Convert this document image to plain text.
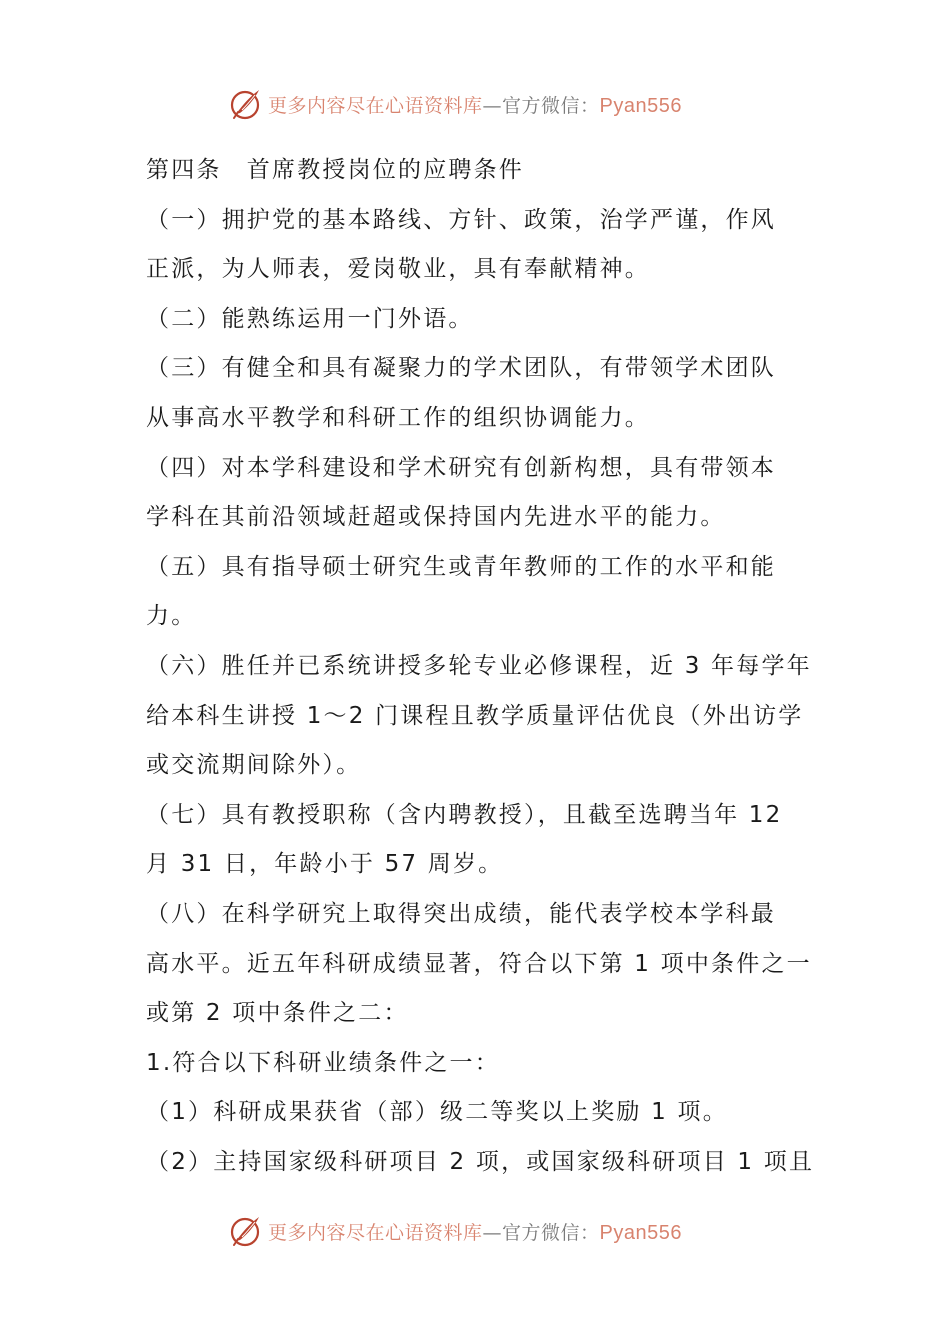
更多内容尽在心语资料库—官方微信：Pyan556
第四条　首席教授岗位的应聘条件
（一）拥护党的基本路线、方针、政策，治学严谨，作风
正派，为人师表，爱岗敬业，具有奉献精神。
（二）能熟练运用一门外语。
（三）有健全和具有凝聚力的学术团队，有带领学术团队
从事高水平教学和科研工作的组织协调能力。
（四）对本学科建设和学术研究有创新构想，具有带领本
学科在其前沿领域赶超或保持国内先进水平的能力。
（五）具有指导硕士研究生或青年教师的工作的水平和能
力。
（六）胜任并已系统讲授多轮专业必修课程，近 3 年每学年
给本科生讲授 1～2 门课程且教学质量评估优良（外出访学
或交流期间除外）。
（七）具有教授职称（含内聘教授），且截至选聘当年 12
月 31 日，年龄小于 57 周岁。
（八）在科学研究上取得突出成绩，能代表学校本学科最
高水平。近五年科研成绩显著，符合以下第 1 项中条件之一
或第 2 项中条件之二：
1.符合以下科研业绩条件之一：
（1）科研成果获省（部）级二等奖以上奖励 1 项。
（2）主持国家级科研项目 2 项，或国家级科研项目 1 项且
更多内容尽在心语资料库—官方微信：Pyan556
